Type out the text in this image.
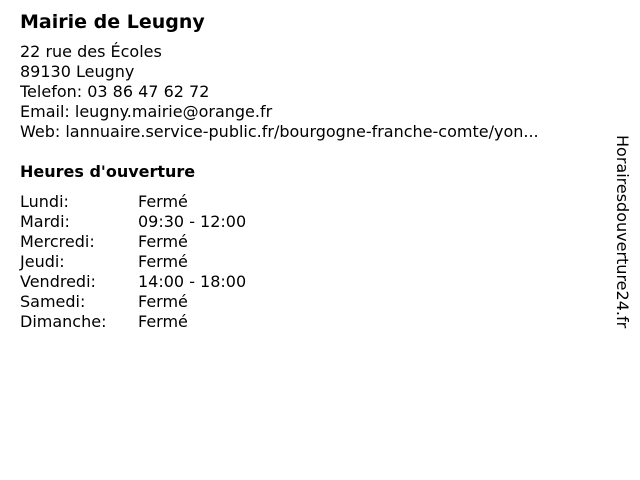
Mairie de Leugny
22 rue des Écoles
89130 Leugny
Telefon: 03 86 47 62 72
Email: leugny.mairie@orange.fr
Web: lannuaire.service-public.fr/bourgogne-franche-comte/yon...
Heures d'ouverture
Lundi:	Fermé
Mardi:	09:30 - 12:00
Mercredi:	Fermé
Jeudi:	Fermé
Vendredi:	14:00 - 18:00
Samedi:	Fermé
Dimanche: Fermé	Horairesdouverture24.fr
